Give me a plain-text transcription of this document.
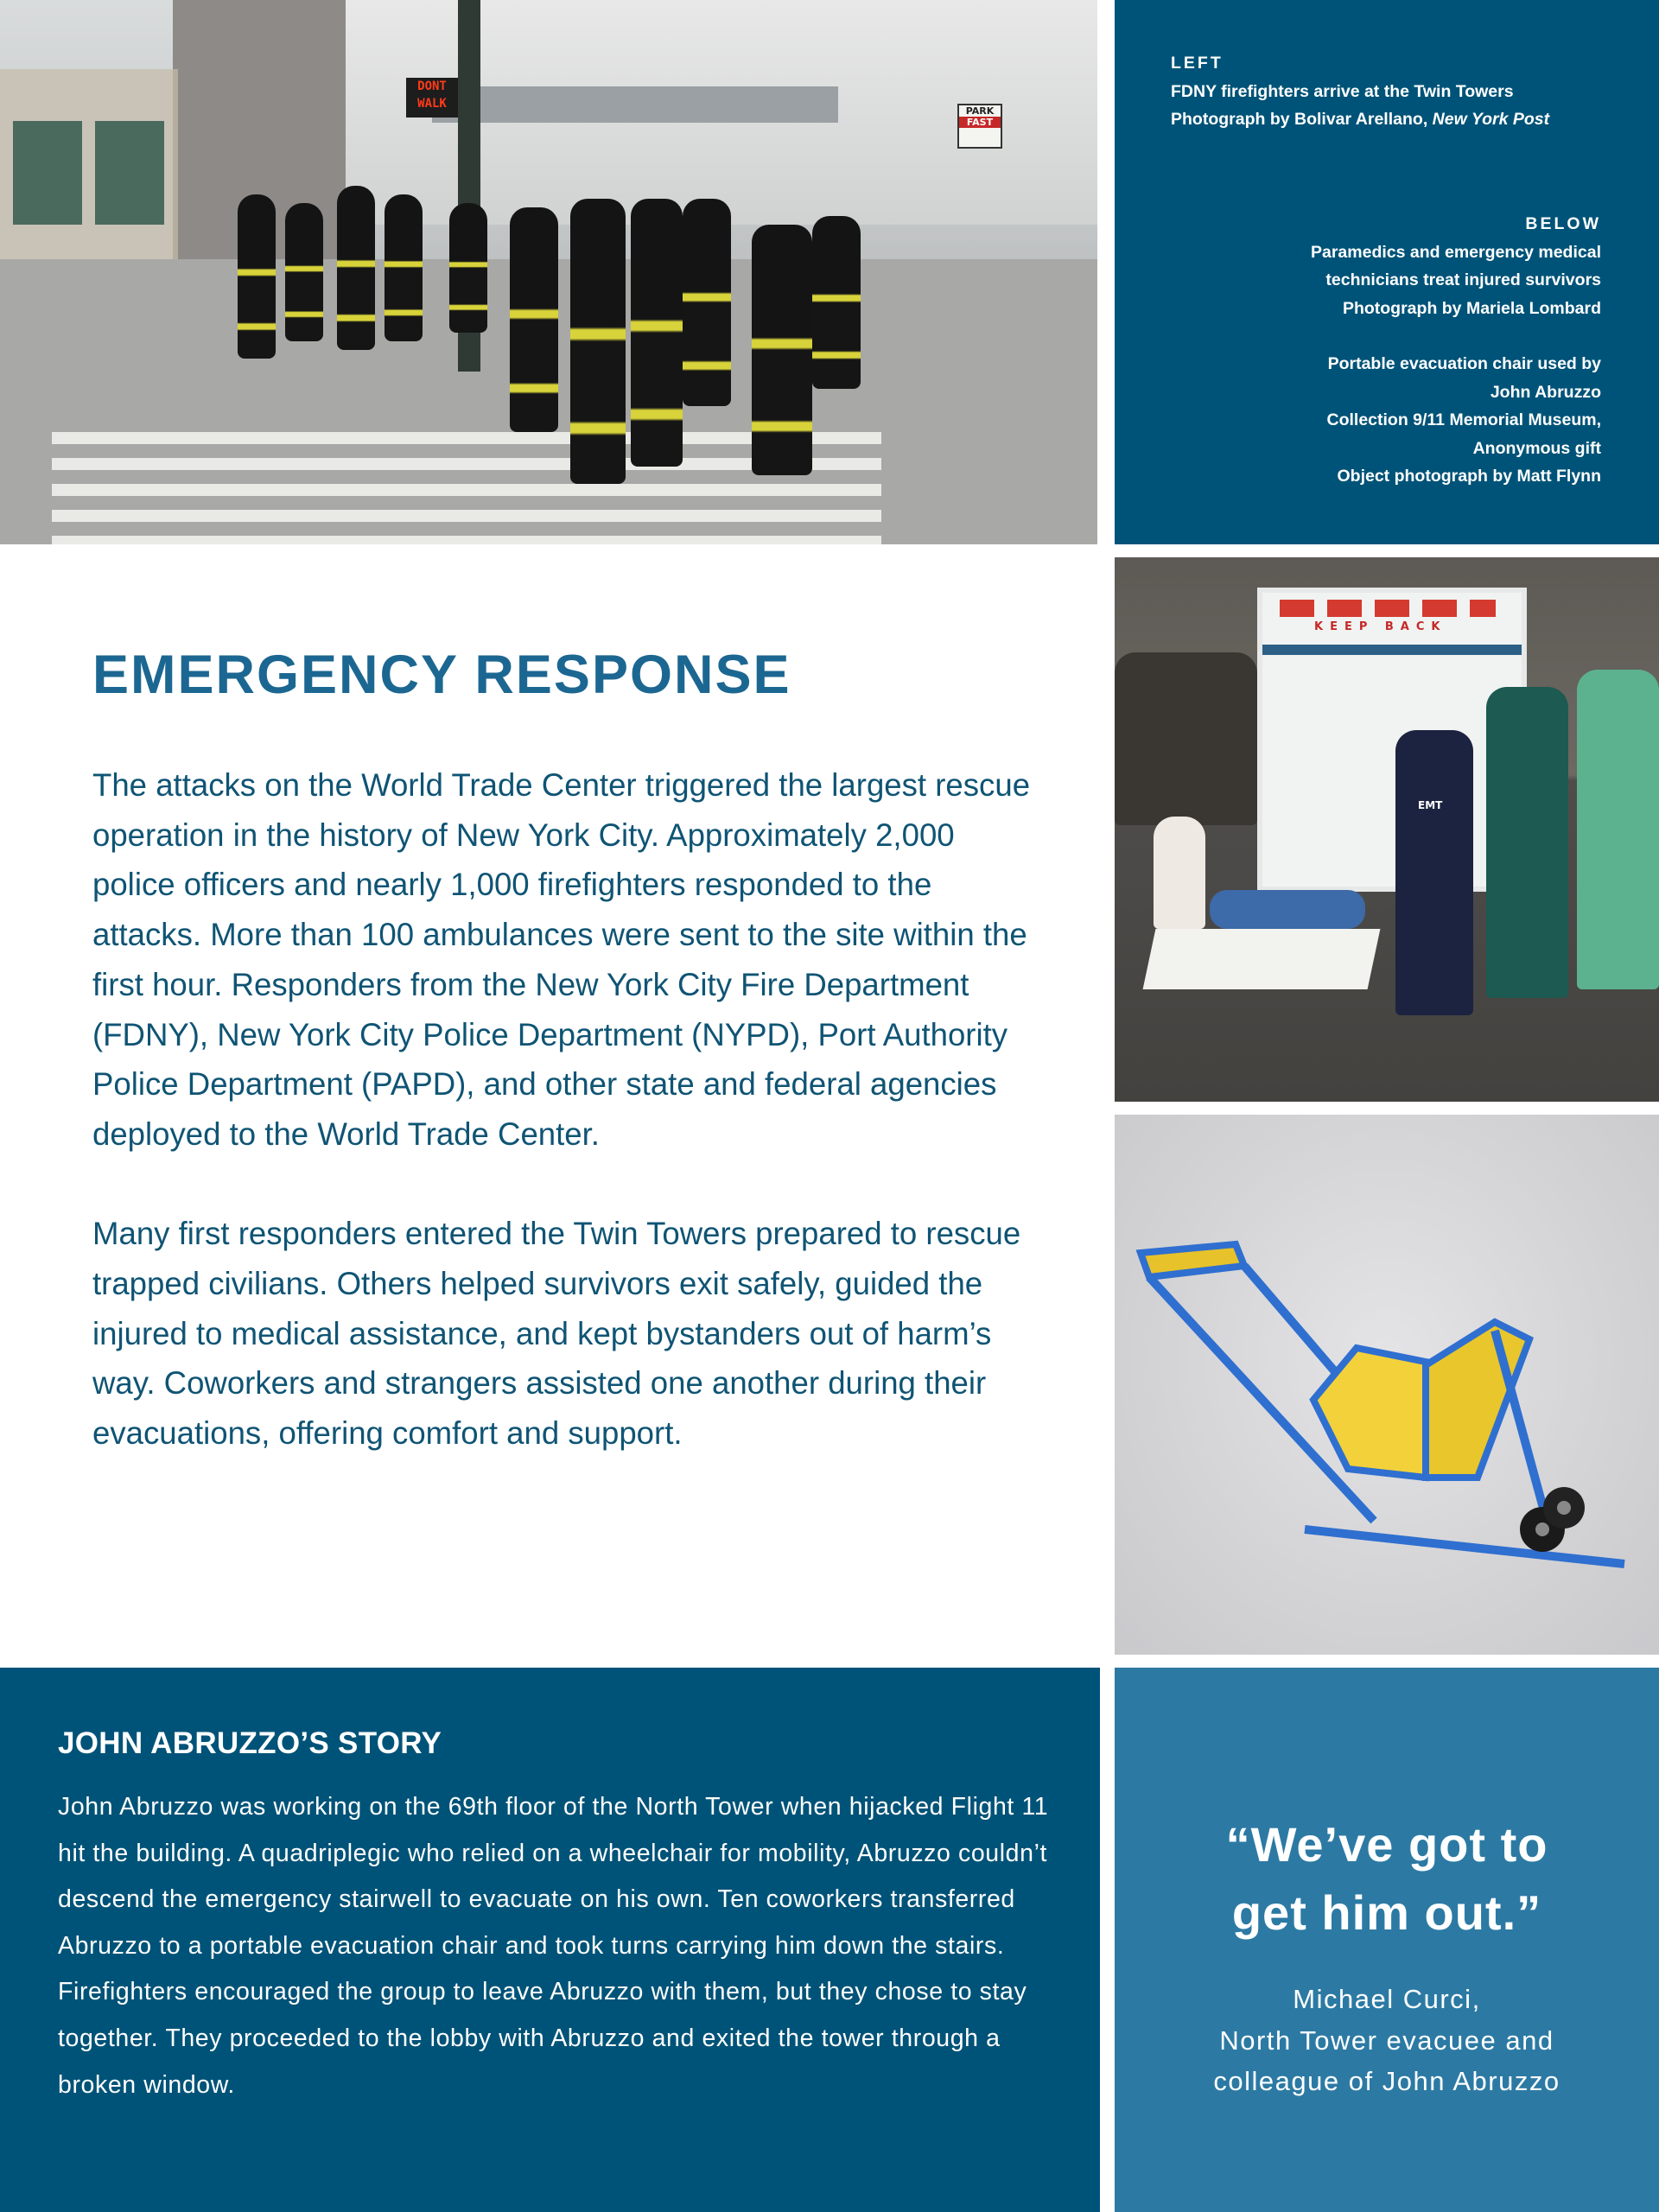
DONT
WALK
PARK
FAST
LEFT
FDNY firefighters arrive at the Twin Towers
Photograph by Bolivar Arellano, New York Post
BELOW
Paramedics and emergency medical
technicians treat injured survivors
Photograph by Mariela Lombard
Portable evacuation chair used by
John Abruzzo
Collection 9/11 Memorial Museum,
Anonymous gift
Object photograph by Matt Flynn
KEEP BACK
EMT
EMERGENCY RESPONSE

The attacks on the World Trade Center triggered the largest rescue operation in the history of New York City. Approximately 2,000 police officers and nearly 1,000 firefighters responded to the attacks. More than 100 ambulances were sent to the site within the first hour. Responders from the New York City Fire Department (FDNY), New York City Police Department (NYPD), Port Authority Police Department (PAPD), and other state and federal agencies deployed to the World Trade Center.

Many first responders entered the Twin Towers prepared to rescue trapped civilians. Others helped survivors exit safely, guided the injured to medical assistance, and kept bystanders out of harm’s way. Coworkers and strangers assisted one another during their evacuations, offering comfort and support.

JOHN ABRUZZO’S STORY

John Abruzzo was working on the 69th floor of the North Tower when hijacked Flight 11 hit the building. A quadriplegic who relied on a wheelchair for mobility, Abruzzo couldn’t descend the emergency stairwell to evacuate on his own. Ten coworkers transferred Abruzzo to a portable evacuation chair and took turns carrying him down the stairs. Firefighters encouraged the group to leave Abruzzo with them, but they chose to stay together. They proceeded to the lobby with Abruzzo and exited the tower through a broken window.

“We’ve got to
get him out.”
Michael Curci,
North Tower evacuee and
colleague of John Abruzzo
